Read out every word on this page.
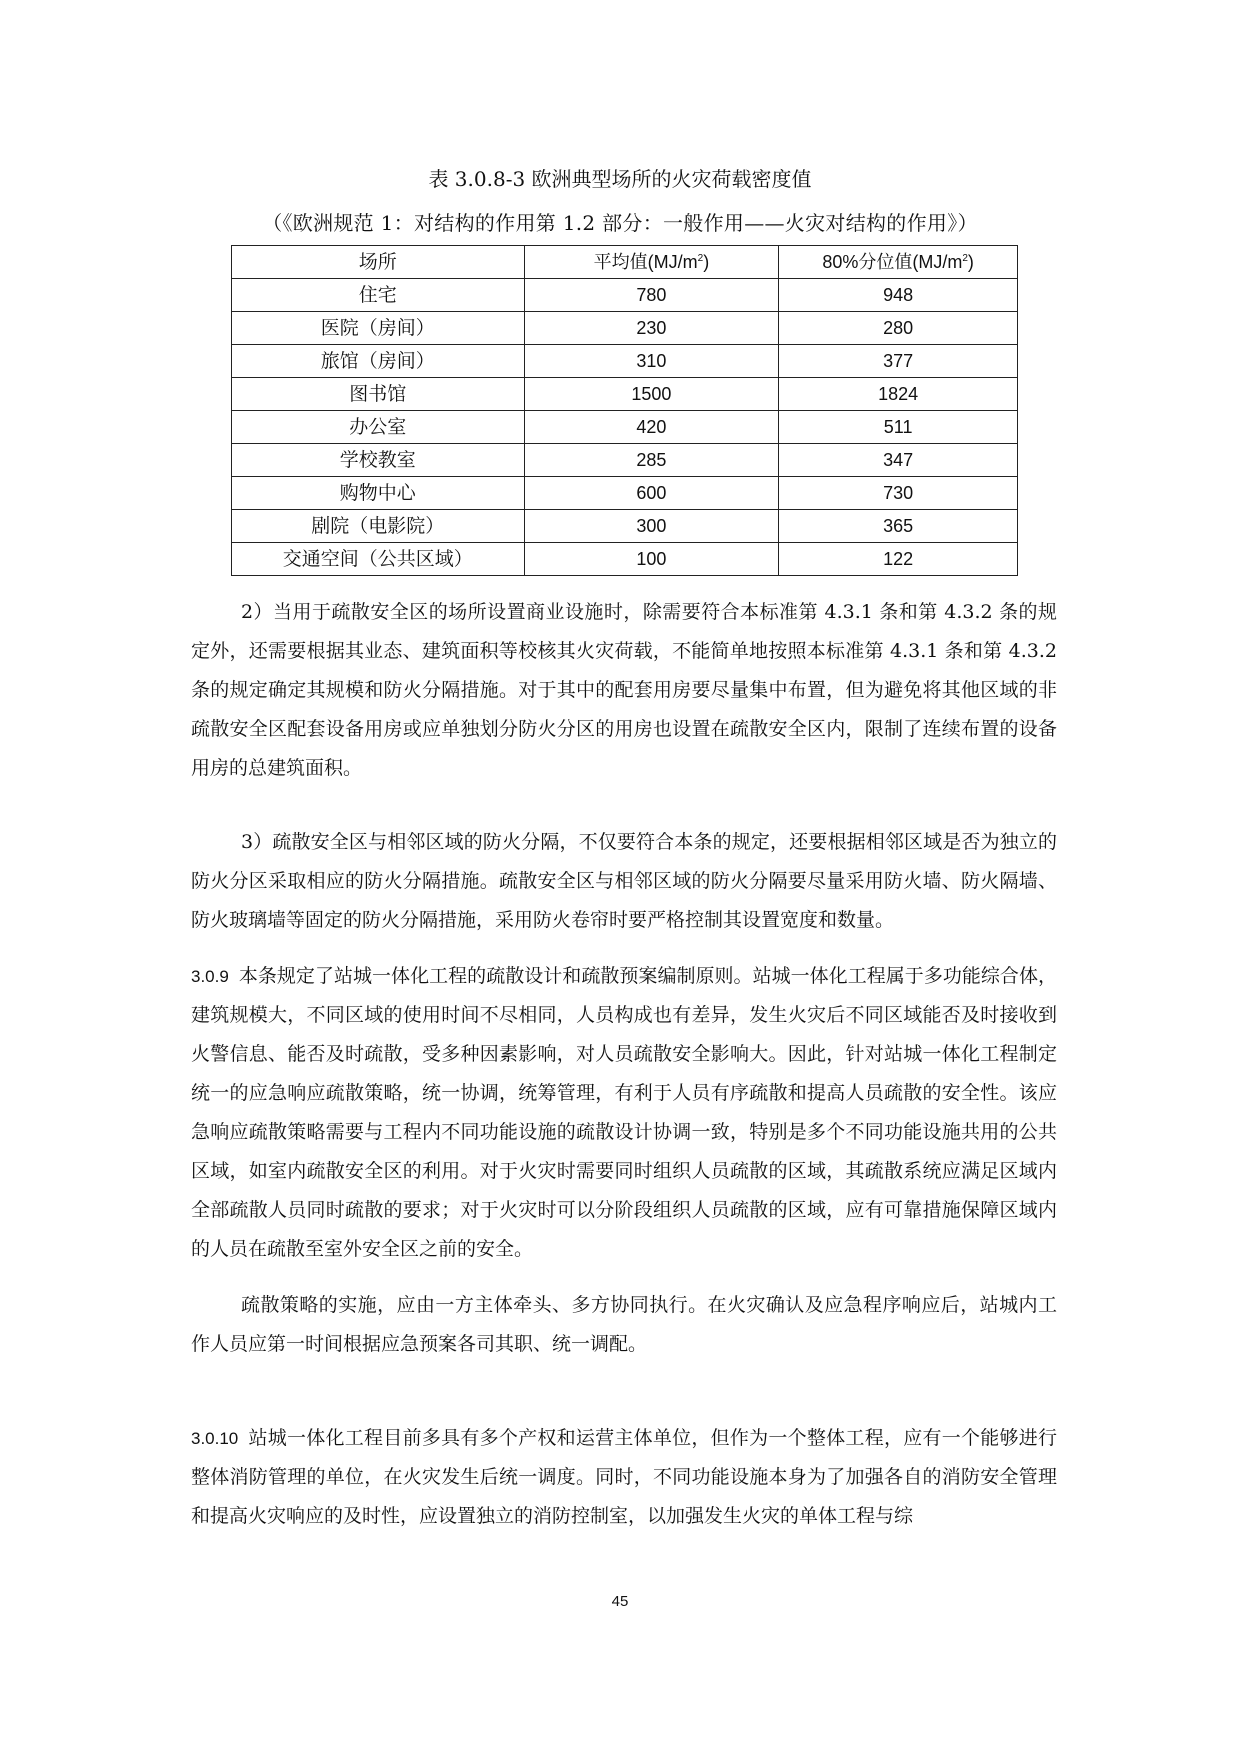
表 3.0.8-3 欧洲典型场所的火灾荷载密度值
（《欧洲规范 1：对结构的作用第 1.2 部分：一般作用——火灾对结构的作用》）
场所	平均值$(MJ/m^2)$	80%分位值$(MJ/m^2)$
住宅	780	948
医院（房间）	230	280
旅馆（房间）	310	377
图书馆	1500	1824
办公室	420	511
学校教室	285	347
购物中心	600	730
剧院（电影院）	300	365
交通空间（公共区域）	100	122

2）当用于疏散安全区的场所设置商业设施时，除需要符合本标准第 4.3.1 条和第 4.3.2 条的规定外，还需要根据其业态、建筑面积等校核其火灾荷载，不能简单地按照本标准第 4.3.1 条和第 4.3.2 条的规定确定其规模和防火分隔措施。对于其中的配套用房要尽量集中布置，但为避免将其他区域的非疏散安全区配套设备用房或应单独划分防火分区的用房也设置在疏散安全区内，限制了连续布置的设备用房的总建筑面积。

3）疏散安全区与相邻区域的防火分隔，不仅要符合本条的规定，还要根据相邻区域是否为独立的防火分区采取相应的防火分隔措施。疏散安全区与相邻区域的防火分隔要尽量采用防火墙、防火隔墙、防火玻璃墙等固定的防火分隔措施，采用防火卷帘时要严格控制其设置宽度和数量。

3.0.9 本条规定了站城一体化工程的疏散设计和疏散预案编制原则。站城一体化工程属于多功能综合体，建筑规模大，不同区域的使用时间不尽相同，人员构成也有差异，发生火灾后不同区域能否及时接收到火警信息、能否及时疏散，受多种因素影响，对人员疏散安全影响大。因此，针对站城一体化工程制定统一的应急响应疏散策略，统一协调，统筹管理，有利于人员有序疏散和提高人员疏散的安全性。该应急响应疏散策略需要与工程内不同功能设施的疏散设计协调一致，特别是多个不同功能设施共用的公共区域，如室内疏散安全区的利用。对于火灾时需要同时组织人员疏散的区域，其疏散系统应满足区域内全部疏散人员同时疏散的要求；对于火灾时可以分阶段组织人员疏散的区域，应有可靠措施保障区域内的人员在疏散至室外安全区之前的安全。

疏散策略的实施，应由一方主体牵头、多方协同执行。在火灾确认及应急程序响应后，站城内工作人员应第一时间根据应急预案各司其职、统一调配。

3.0.10 站城一体化工程目前多具有多个产权和运营主体单位，但作为一个整体工程，应有一个能够进行整体消防管理的单位，在火灾发生后统一调度。同时，不同功能设施本身为了加强各自的消防安全管理和提高火灾响应的及时性，应设置独立的消防控制室，以加强发生火灾的单体工程与综

45
